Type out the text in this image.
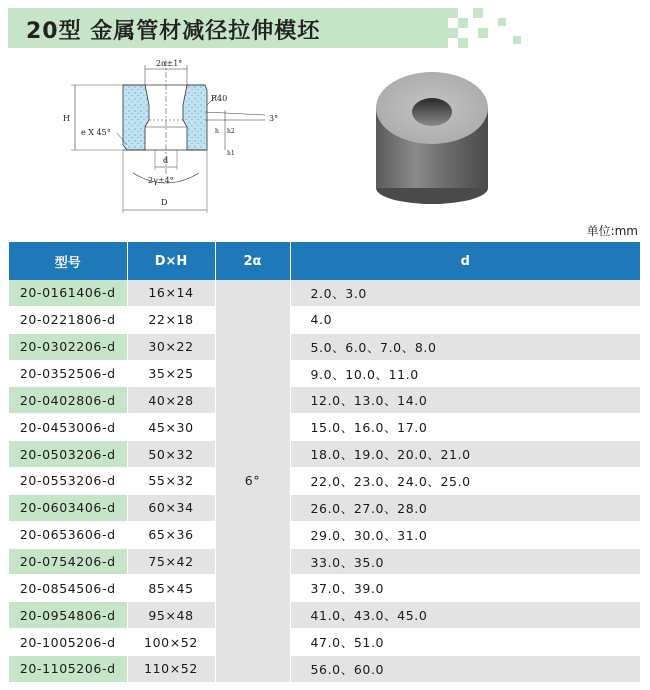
20型 金属管材减径拉伸模坯
2α±1°
R40
H
e X 45°
3°
h2
h
h1
d
2γ±4°
D
单位:mm
型号	D×H	2α	d
20-0161406-d	16×14	6°	2.0、3.0
20-0221806-d	22×18		4.0
20-0302206-d	30×22		5.0、6.0、7.0、8.0
20-0352506-d	35×25		9.0、10.0、11.0
20-0402806-d	40×28		12.0、13.0、14.0
20-0453006-d	45×30		15.0、16.0、17.0
20-0503206-d	50×32		18.0、19.0、20.0、21.0
20-0553206-d	55×32		22.0、23.0、24.0、25.0
20-0603406-d	60×34		26.0、27.0、28.0
20-0653606-d	65×36		29.0、30.0、31.0
20-0754206-d	75×42		33.0、35.0
20-0854506-d	85×45		37.0、39.0
20-0954806-d	95×48		41.0、43.0、45.0
20-1005206-d	100×52		47.0、51.0
20-1105206-d	110×52		56.0、60.0
